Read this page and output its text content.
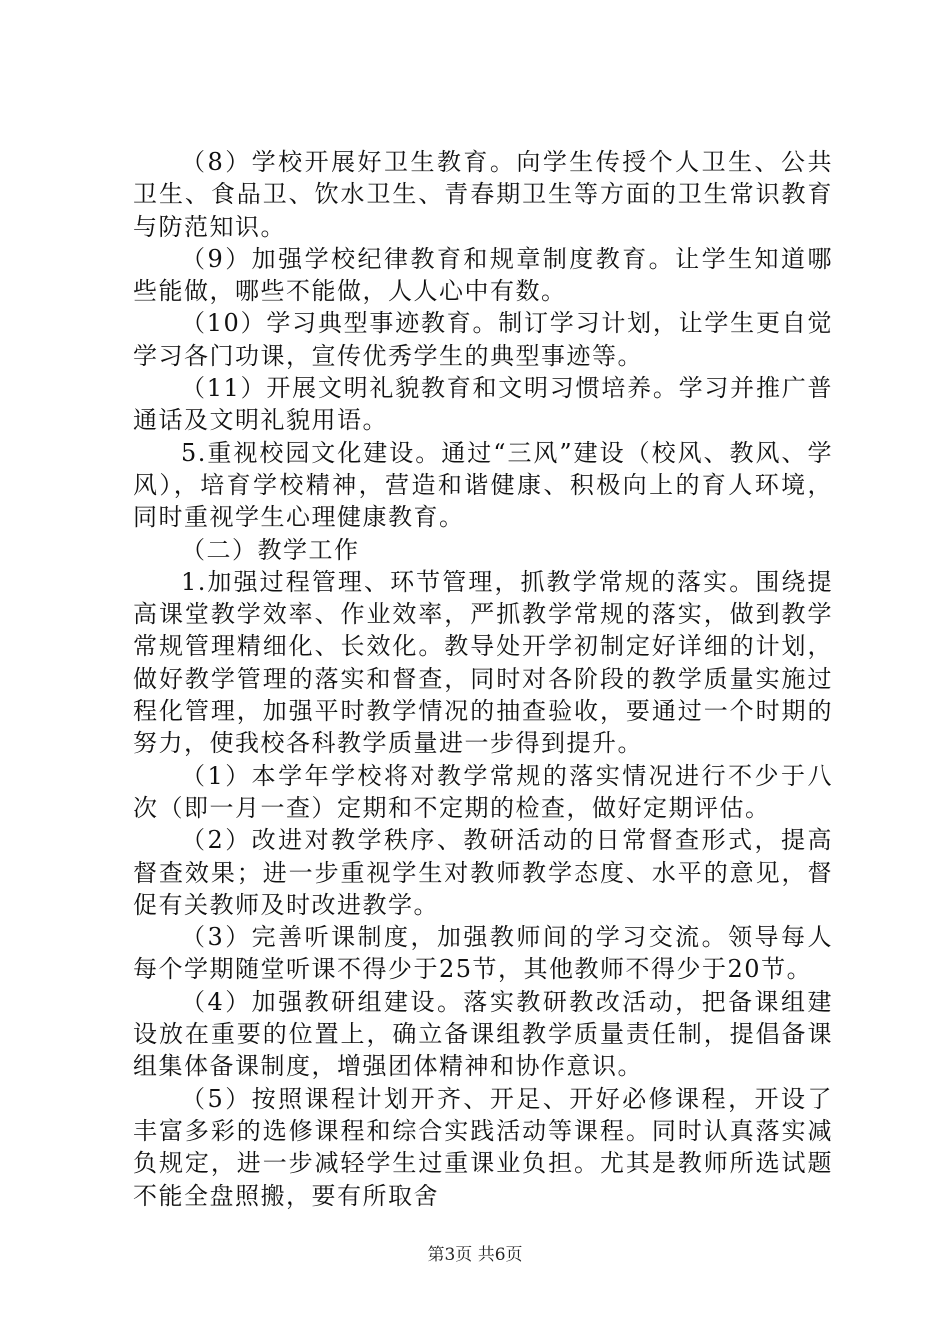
（8）学校开展好卫生教育。向学生传授个人卫生、公共卫生、食品卫、饮水卫生、青春期卫生等方面的卫生常识教育与防范知识。

（9）加强学校纪律教育和规章制度教育。让学生知道哪些能做，哪些不能做，人人心中有数。

（10）学习典型事迹教育。制订学习计划，让学生更自觉学习各门功课，宣传优秀学生的典型事迹等。

（11）开展文明礼貌教育和文明习惯培养。学习并推广普通话及文明礼貌用语。

5.重视校园文化建设。通过“三风”建设（校风、教风、学风），培育学校精神，营造和谐健康、积极向上的育人环境，同时重视学生心理健康教育。

（二）教学工作

1.加强过程管理、环节管理，抓教学常规的落实。围绕提高课堂教学效率、作业效率，严抓教学常规的落实，做到教学常规管理精细化、长效化。教导处开学初制定好详细的计划，做好教学管理的落实和督查，同时对各阶段的教学质量实施过程化管理，加强平时教学情况的抽查验收，要通过一个时期的努力，使我校各科教学质量进一步得到提升。

（1）本学年学校将对教学常规的落实情况进行不少于八次（即一月一查）定期和不定期的检查，做好定期评估。

（2）改进对教学秩序、教研活动的日常督查形式，提高督查效果；进一步重视学生对教师教学态度、水平的意见，督促有关教师及时改进教学。

（3）完善听课制度，加强教师间的学习交流。领导每人每个学期随堂听课不得少于25节，其他教师不得少于20节。

（4）加强教研组建设。落实教研教改活动，把备课组建设放在重要的位置上，确立备课组教学质量责任制，提倡备课组集体备课制度，增强团体精神和协作意识。

（5）按照课程计划开齐、开足、开好必修课程，开设了丰富多彩的选修课程和综合实践活动等课程。同时认真落实减负规定，进一步减轻学生过重课业负担。尤其是教师所选试题不能全盘照搬，要有所取舍

第3页 共6页
